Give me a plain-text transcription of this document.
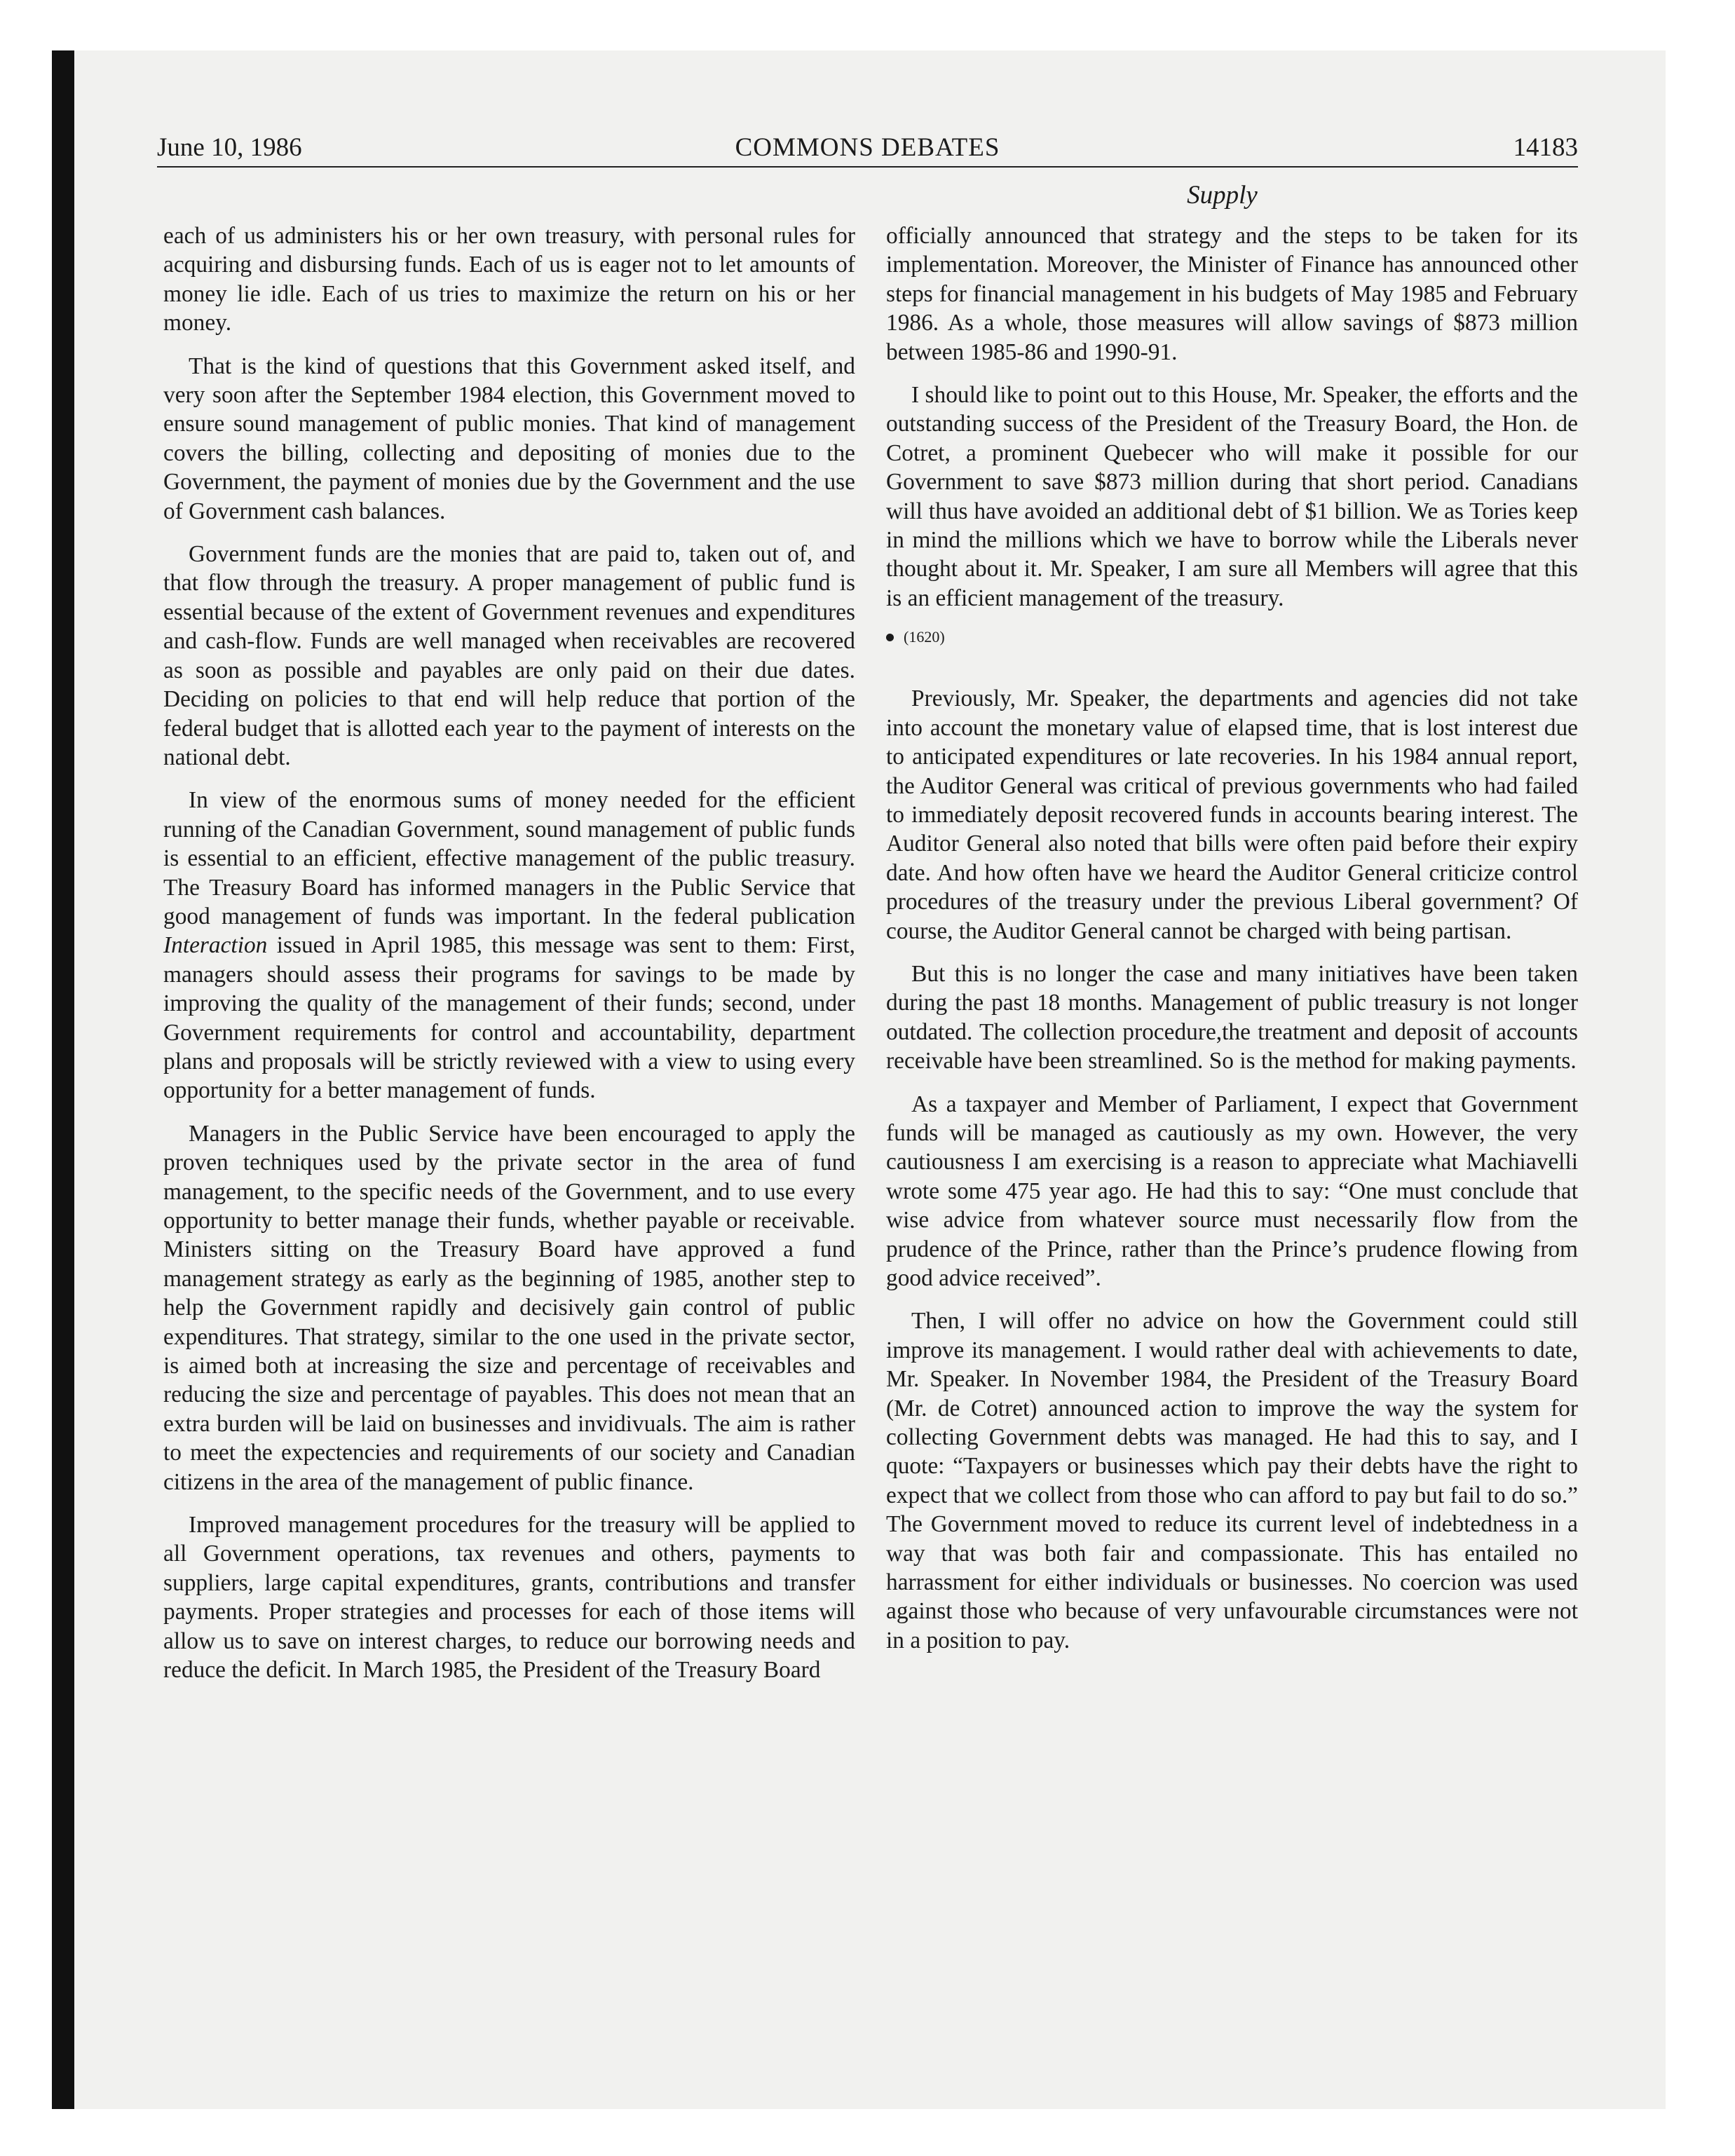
June 10, 1986	COMMONS DEBATES	14183
Supply

each of us administers his or her own treasury, with personal rules for acquiring and disbursing funds. Each of us is eager not to let amounts of money lie idle. Each of us tries to maximize the return on his or her money.

That is the kind of questions that this Government asked itself, and very soon after the September 1984 election, this Government moved to ensure sound management of public monies. That kind of management covers the billing, collecting and depositing of monies due to the Government, the payment of monies due by the Government and the use of Government cash balances.

Government funds are the monies that are paid to, taken out of, and that flow through the treasury. A proper management of public fund is essential because of the extent of Government revenues and expenditures and cash-flow. Funds are well managed when receivables are recovered as soon as possible and payables are only paid on their due dates. Deciding on policies to that end will help reduce that portion of the federal budget that is allotted each year to the payment of interests on the national debt.

In view of the enormous sums of money needed for the efficient running of the Canadian Government, sound management of public funds is essential to an efficient, effective management of the public treasury. The Treasury Board has informed managers in the Public Service that good management of funds was important. In the federal publication Interaction issued in April 1985, this message was sent to them: First, managers should assess their programs for savings to be made by improving the quality of the management of their funds; second, under Government requirements for control and accountability, department plans and proposals will be strictly reviewed with a view to using every opportunity for a better management of funds.

Managers in the Public Service have been encouraged to apply the proven techniques used by the private sector in the area of fund management, to the specific needs of the Government, and to use every opportunity to better manage their funds, whether payable or receivable. Ministers sitting on the Treasury Board have approved a fund management strategy as early as the beginning of 1985, another step to help the Government rapidly and decisively gain control of public expenditures. That strategy, similar to the one used in the private sector, is aimed both at increasing the size and percentage of receivables and reducing the size and percentage of payables. This does not mean that an extra burden will be laid on businesses and invidivuals. The aim is rather to meet the expectencies and requirements of our society and Canadian citizens in the area of the management of public finance.

Improved management procedures for the treasury will be applied to all Government operations, tax revenues and others, payments to suppliers, large capital expenditures, grants, contributions and transfer payments. Proper strategies and processes for each of those items will allow us to save on interest charges, to reduce our borrowing needs and reduce the deficit. In March 1985, the President of the Treasury Board

officially announced that strategy and the steps to be taken for its implementation. Moreover, the Minister of Finance has announced other steps for financial management in his budgets of May 1985 and February 1986. As a whole, those measures will allow savings of $873 million between 1985-86 and 1990-91.

I should like to point out to this House, Mr. Speaker, the efforts and the outstanding success of the President of the Treasury Board, the Hon. de Cotret, a prominent Quebecer who will make it possible for our Government to save $873 million during that short period. Canadians will thus have avoided an additional debt of $1 billion. We as Tories keep in mind the millions which we have to borrow while the Liberals never thought about it. Mr. Speaker, I am sure all Members will agree that this is an efficient management of the treasury.

(1620)

Previously, Mr. Speaker, the departments and agencies did not take into account the monetary value of elapsed time, that is lost interest due to anticipated expenditures or late recoveries. In his 1984 annual report, the Auditor General was critical of previous governments who had failed to immediately deposit recovered funds in accounts bearing interest. The Auditor General also noted that bills were often paid before their expiry date. And how often have we heard the Auditor General criticize control procedures of the treasury under the previous Liberal government? Of course, the Auditor General cannot be charged with being partisan.

But this is no longer the case and many initiatives have been taken during the past 18 months. Management of public treasury is not longer outdated. The collection procedure,the treatment and deposit of accounts receivable have been streamlined. So is the method for making payments.

As a taxpayer and Member of Parliament, I expect that Government funds will be managed as cautiously as my own. However, the very cautiousness I am exercising is a reason to appreciate what Machiavelli wrote some 475 year ago. He had this to say: “One must conclude that wise advice from whatever source must necessarily flow from the prudence of the Prince, rather than the Prince’s prudence flowing from good advice received”.

Then, I will offer no advice on how the Government could still improve its management. I would rather deal with achievements to date, Mr. Speaker. In November 1984, the President of the Treasury Board (Mr. de Cotret) announced action to improve the way the system for collecting Government debts was managed. He had this to say, and I quote: “Taxpayers or businesses which pay their debts have the right to expect that we collect from those who can afford to pay but fail to do so.” The Government moved to reduce its current level of indebtedness in a way that was both fair and compassionate. This has entailed no harrassment for either individuals or businesses. No coercion was used against those who because of very unfavourable circumstances were not in a position to pay.
